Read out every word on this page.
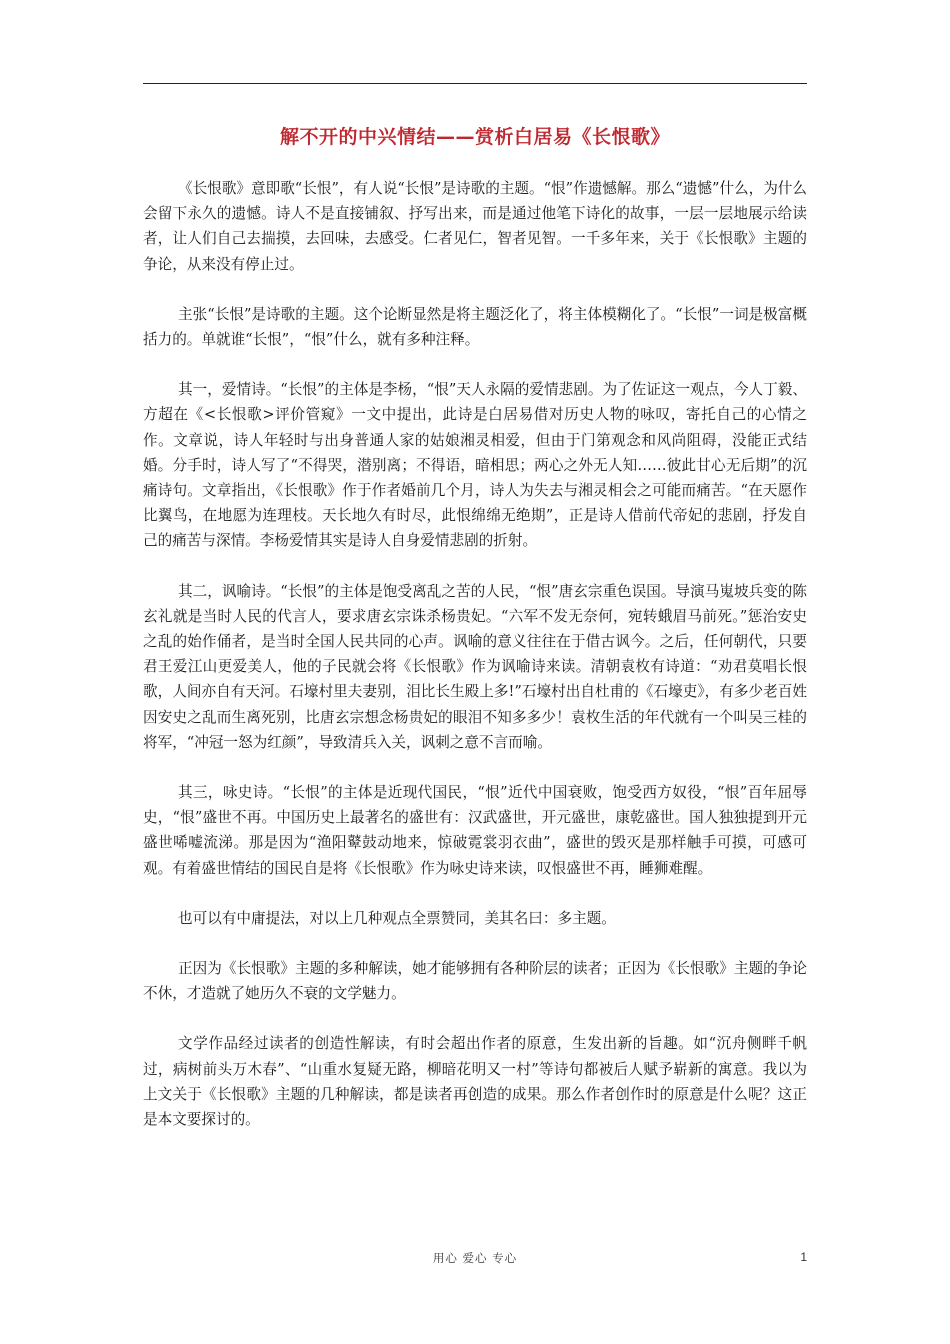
解不开的中兴情结——赏析白居易《长恨歌》

《长恨歌》意即歌“长恨”，有人说“长恨”是诗歌的主题。“恨”作遗憾解。那么“遗憾”什么，为什么会留下永久的遗憾。诗人不是直接铺叙、抒写出来，而是通过他笔下诗化的故事，一层一层地展示给读者，让人们自己去揣摸，去回味，去感受。仁者见仁，智者见智。一千多年来，关于《长恨歌》主题的争论，从来没有停止过。

主张“长恨”是诗歌的主题。这个论断显然是将主题泛化了，将主体模糊化了。“长恨”一词是极富概括力的。单就谁“长恨”，“恨”什么，就有多种注释。

其一，爱情诗。“长恨”的主体是李杨，“恨”天人永隔的爱情悲剧。为了佐证这一观点，今人丁毅、方超在《<长恨歌>评价管窥》一文中提出，此诗是白居易借对历史人物的咏叹，寄托自己的心情之作。文章说，诗人年轻时与出身普通人家的姑娘湘灵相爱，但由于门第观念和风尚阻碍，没能正式结婚。分手时，诗人写了“不得哭，潜别离；不得语，暗相思；两心之外无人知……彼此甘心无后期”的沉痛诗句。文章指出，《长恨歌》作于作者婚前几个月，诗人为失去与湘灵相会之可能而痛苦。“在天愿作比翼鸟，在地愿为连理枝。天长地久有时尽，此恨绵绵无绝期”，正是诗人借前代帝妃的悲剧，抒发自己的痛苦与深情。李杨爱情其实是诗人自身爱情悲剧的折射。

其二，讽喻诗。“长恨”的主体是饱受离乱之苦的人民，“恨”唐玄宗重色误国。导演马嵬坡兵变的陈玄礼就是当时人民的代言人，要求唐玄宗诛杀杨贵妃。“六军不发无奈何，宛转蛾眉马前死。”惩治安史之乱的始作俑者，是当时全国人民共同的心声。讽喻的意义往往在于借古讽今。之后，任何朝代，只要君王爱江山更爱美人，他的子民就会将《长恨歌》作为讽喻诗来读。清朝袁枚有诗道：“劝君莫唱长恨歌，人间亦自有天河。石壕村里夫妻别，泪比长生殿上多!”石壕村出自杜甫的《石壕吏》，有多少老百姓因安史之乱而生离死别，比唐玄宗想念杨贵妃的眼泪不知多多少！袁枚生活的年代就有一个叫吴三桂的将军，“冲冠一怒为红颜”，导致清兵入关，讽刺之意不言而喻。

其三，咏史诗。“长恨”的主体是近现代国民，“恨”近代中国衰败，饱受西方奴役，“恨”百年屈辱史，“恨”盛世不再。中国历史上最著名的盛世有：汉武盛世，开元盛世，康乾盛世。国人独独提到开元盛世唏嘘流涕。那是因为“渔阳鼙鼓动地来，惊破霓裳羽衣曲”，盛世的毁灭是那样触手可摸，可感可观。有着盛世情结的国民自是将《长恨歌》作为咏史诗来读，叹恨盛世不再，睡狮难醒。

也可以有中庸提法，对以上几种观点全票赞同，美其名曰：多主题。

正因为《长恨歌》主题的多种解读，她才能够拥有各种阶层的读者；正因为《长恨歌》主题的争论不休，才造就了她历久不衰的文学魅力。

文学作品经过读者的创造性解读，有时会超出作者的原意，生发出新的旨趣。如“沉舟侧畔千帆过，病树前头万木春”、“山重水复疑无路，柳暗花明又一村”等诗句都被后人赋予崭新的寓意。我以为上文关于《长恨歌》主题的几种解读，都是读者再创造的成果。那么作者创作时的原意是什么呢？这正是本文要探讨的。

用心 爱心 专心	1
